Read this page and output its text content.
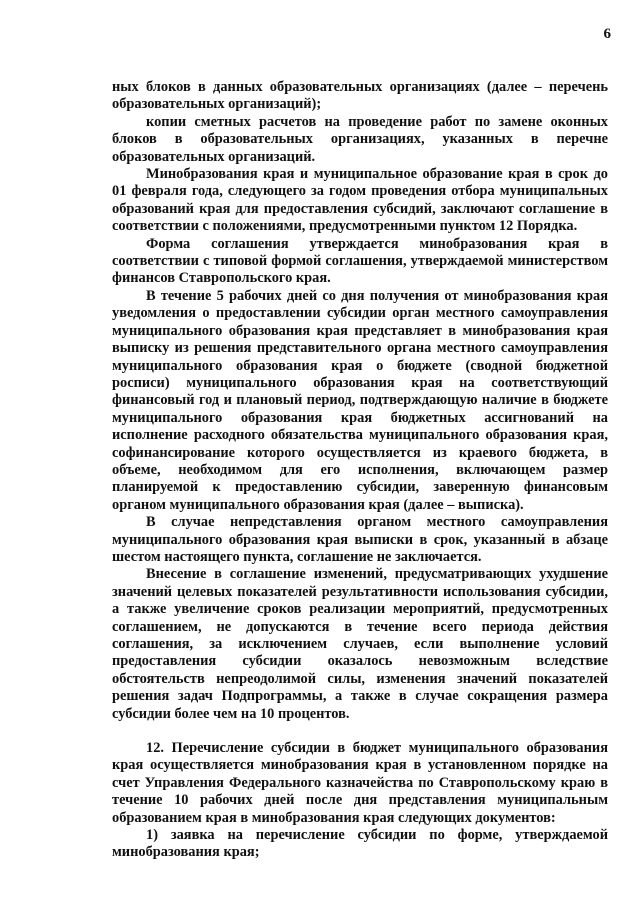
6

ных блоков в данных образовательных организациях (далее – перечень образовательных организаций);

копии сметных расчетов на проведение работ по замене оконных блоков в образовательных организациях, указанных в перечне образовательных организаций.

Минобразования края и муниципальное образование края в срок до 01 февраля года, следующего за годом проведения отбора муниципальных образований края для предоставления субсидий, заключают соглашение в соответствии с положениями, предусмотренными пунктом 12 Порядка.

Форма соглашения утверждается минобразования края в соответствии с типовой формой соглашения, утверждаемой министерством финансов Ставропольского края.

В течение 5 рабочих дней со дня получения от минобразования края уведомления о предоставлении субсидии орган местного самоуправления муниципального образования края представляет в минобразования края выписку из решения представительного органа местного самоуправления муниципального образования края о бюджете (сводной бюджетной росписи) муниципального образования края на соответствующий финансовый год и плановый период, подтверждающую наличие в бюджете муниципального образования края бюджетных ассигнований на исполнение расходного обязательства муниципального образования края, софинансирование которого осуществляется из краевого бюджета, в объеме, необходимом для его исполнения, включающем размер планируемой к предоставлению субсидии, заверенную финансовым органом муниципального образования края (далее – выписка).

В случае непредставления органом местного самоуправления муниципального образования края выписки в срок, указанный в абзаце шестом настоящего пункта, соглашение не заключается.

Внесение в соглашение изменений, предусматривающих ухудшение значений целевых показателей результативности использования субсидии, а также увеличение сроков реализации мероприятий, предусмотренных соглашением, не допускаются в течение всего периода действия соглашения, за исключением случаев, если выполнение условий предоставления субсидии оказалось невозможным вследствие обстоятельств непреодолимой силы, изменения значений показателей решения задач Подпрограммы, а также в случае сокращения размера субсидии более чем на 10 процентов.

12. Перечисление субсидии в бюджет муниципального образования края осуществляется минобразования края в установленном порядке на счет Управления Федерального казначейства по Ставропольскому краю в течение 10 рабочих дней после дня представления муниципальным образованием края в минобразования края следующих документов:

1) заявка на перечисление субсидии по форме, утверждаемой минобразования края;
